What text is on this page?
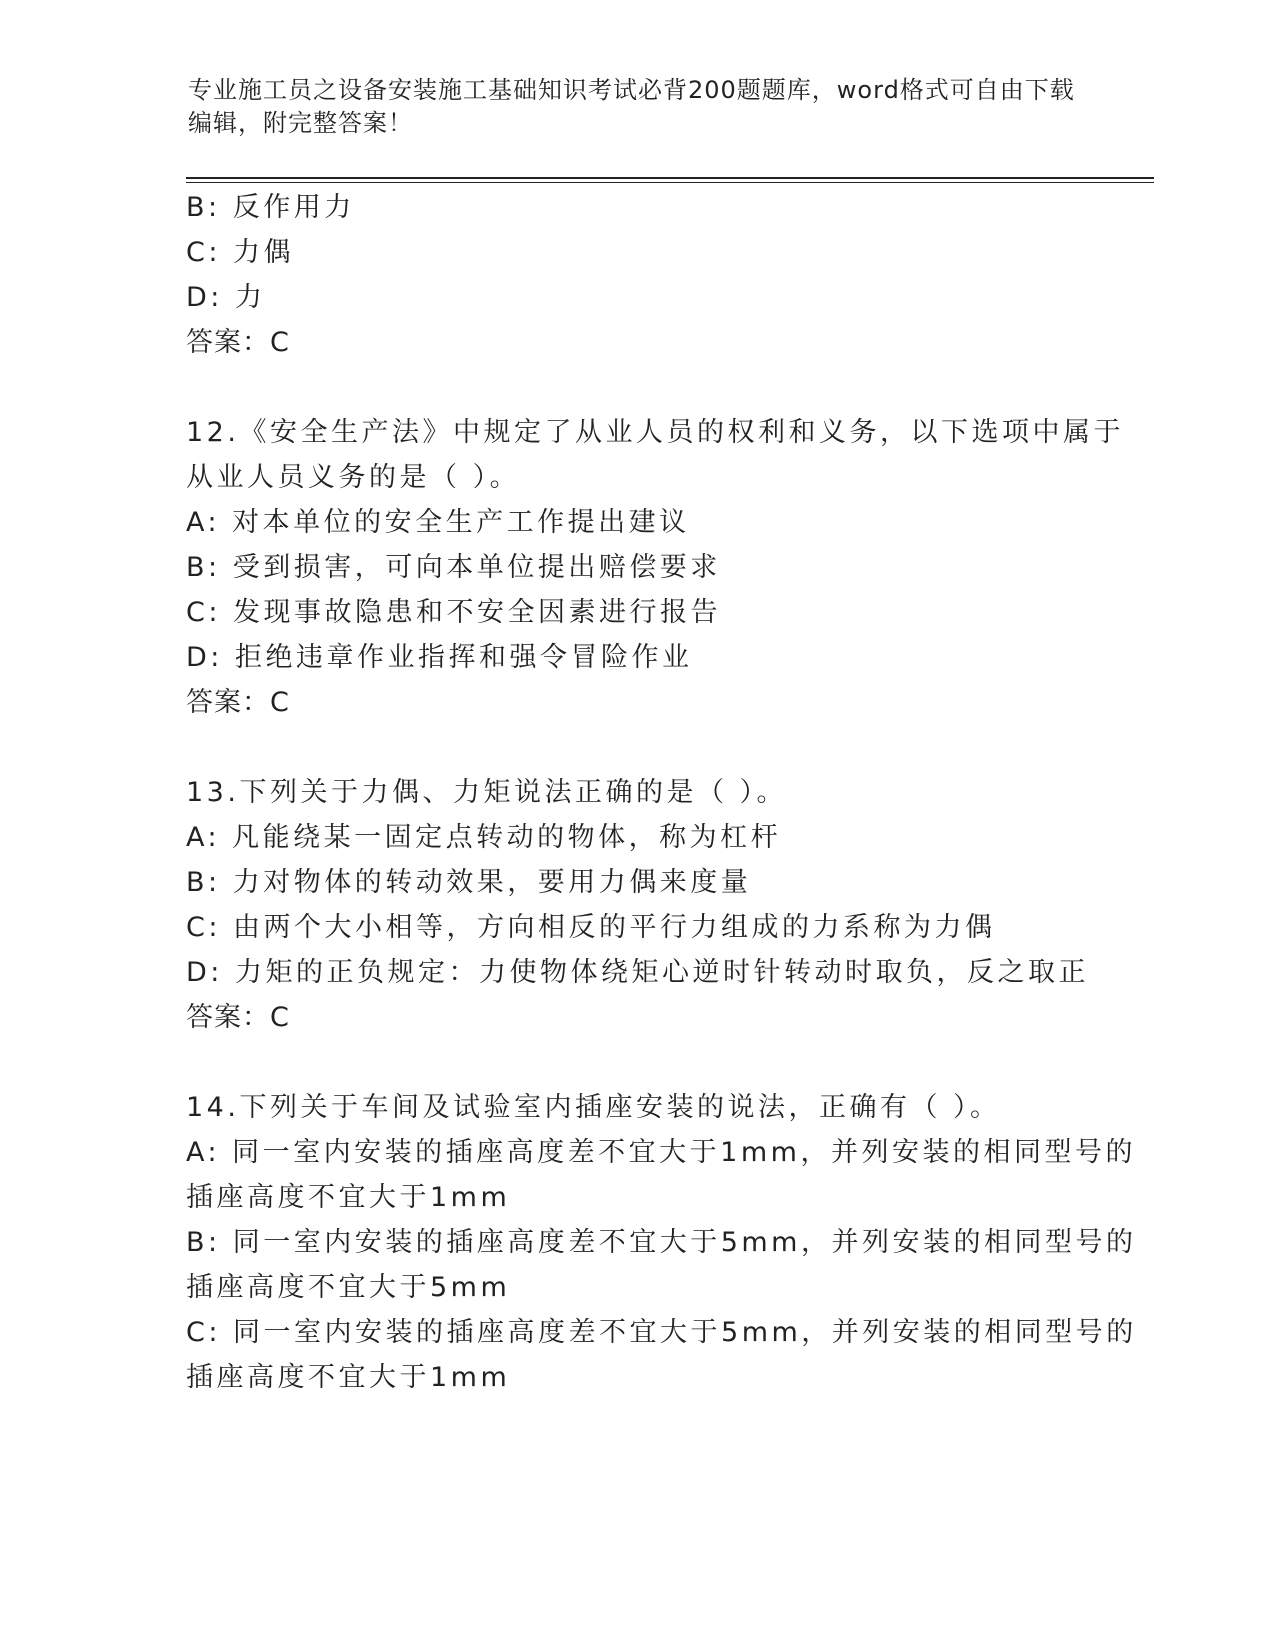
专业施工员之设备安装施工基础知识考试必背200题题库，word格式可自由下载
编辑，附完整答案！
B: 反作用力
C: 力偶
D: 力
答案：C
12.《安全生产法》中规定了从业人员的权利和义务，以下选项中属于
从业人员义务的是（ ）。
A: 对本单位的安全生产工作提出建议
B: 受到损害，可向本单位提出赔偿要求
C: 发现事故隐患和不安全因素进行报告
D: 拒绝违章作业指挥和强令冒险作业
答案：C
13.下列关于力偶、力矩说法正确的是（ ）。
A: 凡能绕某一固定点转动的物体，称为杠杆
B: 力对物体的转动效果，要用力偶来度量
C: 由两个大小相等，方向相反的平行力组成的力系称为力偶
D: 力矩的正负规定：力使物体绕矩心逆时针转动时取负，反之取正
答案：C
14.下列关于车间及试验室内插座安装的说法，正确有（ ）。
A: 同一室内安装的插座高度差不宜大于1mm，并列安装的相同型号的
插座高度不宜大于1mm
B: 同一室内安装的插座高度差不宜大于5mm，并列安装的相同型号的
插座高度不宜大于5mm
C: 同一室内安装的插座高度差不宜大于5mm，并列安装的相同型号的
插座高度不宜大于1mm
